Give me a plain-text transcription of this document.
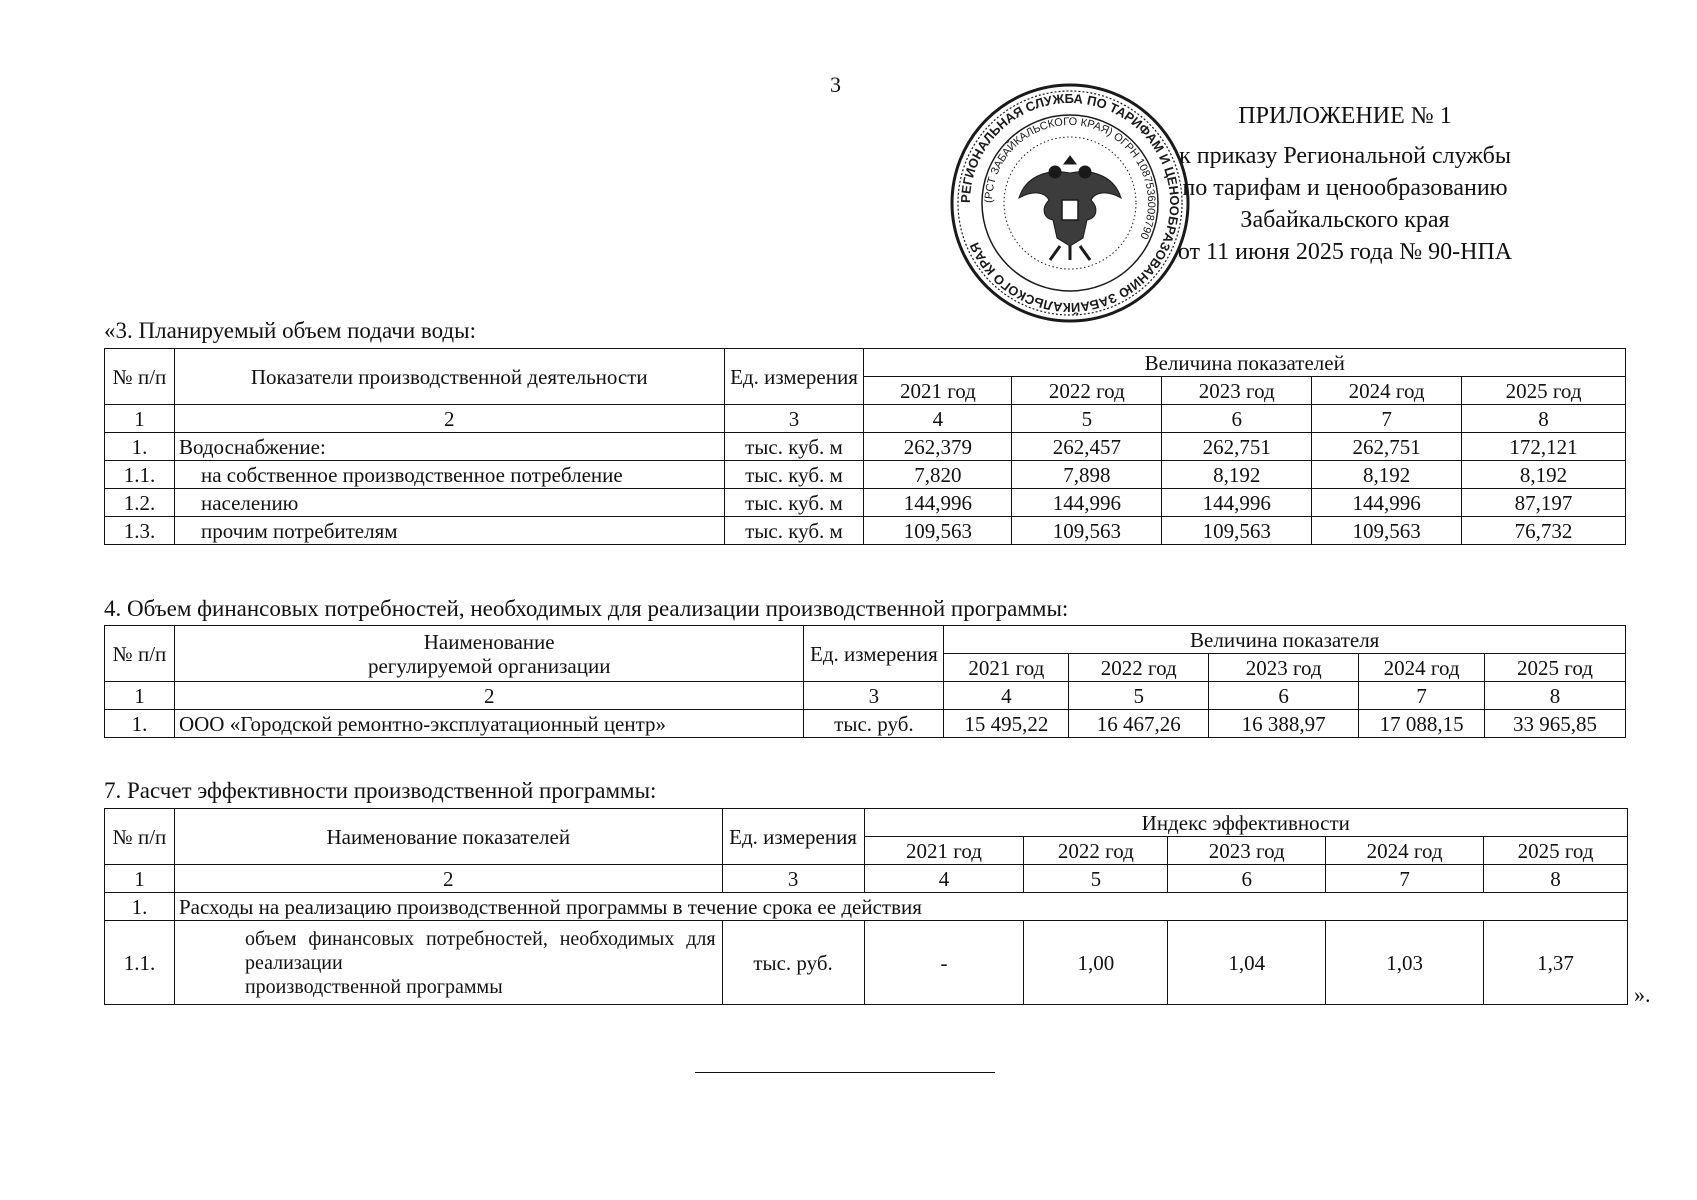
3
РЕГИОНАЛЬНАЯ СЛУЖБА ПО ТАРИФАМ И ЦЕНООБРАЗОВАНИЮ ЗАБАЙКАЛЬСКОГО КРАЯ
(РСТ ЗАБАЙКАЛЬСКОГО КРАЯ) ОГРН 1087536008790
ПРИЛОЖЕНИЕ № 1
к приказу Региональной службы
по тарифам и ценообразованию
Забайкальского края
от 11 июня 2025 года № 90-НПА
«3. Планируемый объем подачи воды:
№ п/п	Показатели производственной деятельности	Ед. измерения	Величина показателей				
			2021 год	2022 год	2023 год	2024 год	2025 год
1	2	3	4	5	6	7	8
1.	Водоснабжение:	тыс. куб. м	262,379	262,457	262,751	262,751	172,121
1.1.	на собственное производственное потребление	тыс. куб. м	7,820	7,898	8,192	8,192	8,192
1.2.	населению	тыс. куб. м	144,996	144,996	144,996	144,996	87,197
1.3.	прочим потребителям	тыс. куб. м	109,563	109,563	109,563	109,563	76,732
4. Объем финансовых потребностей, необходимых для реализации производственной программы:
№ п/п	Наименование
регулируемой организации	Ед. измерения	Величина показателя				
			2021 год	2022 год	2023 год	2024 год	2025 год
1	2	3	4	5	6	7	8
1.	ООО «Городской ремонтно-эксплуатационный центр»	тыс. руб.	15 495,22	16 467,26	16 388,97	17 088,15	33 965,85
7. Расчет эффективности производственной программы:
№ п/п	Наименование показателей	Ед. измерения	Индекс эффективности				
			2021 год	2022 год	2023 год	2024 год	2025 год
1	2	3	4	5	6	7	8
1.	Расходы на реализацию производственной программы в течение срока ее действия						
1.1.	объем финансовых потребностей, необходимых для реализации
производственной программы	тыс. руб.	-	1,00	1,04	1,03	1,37
».
